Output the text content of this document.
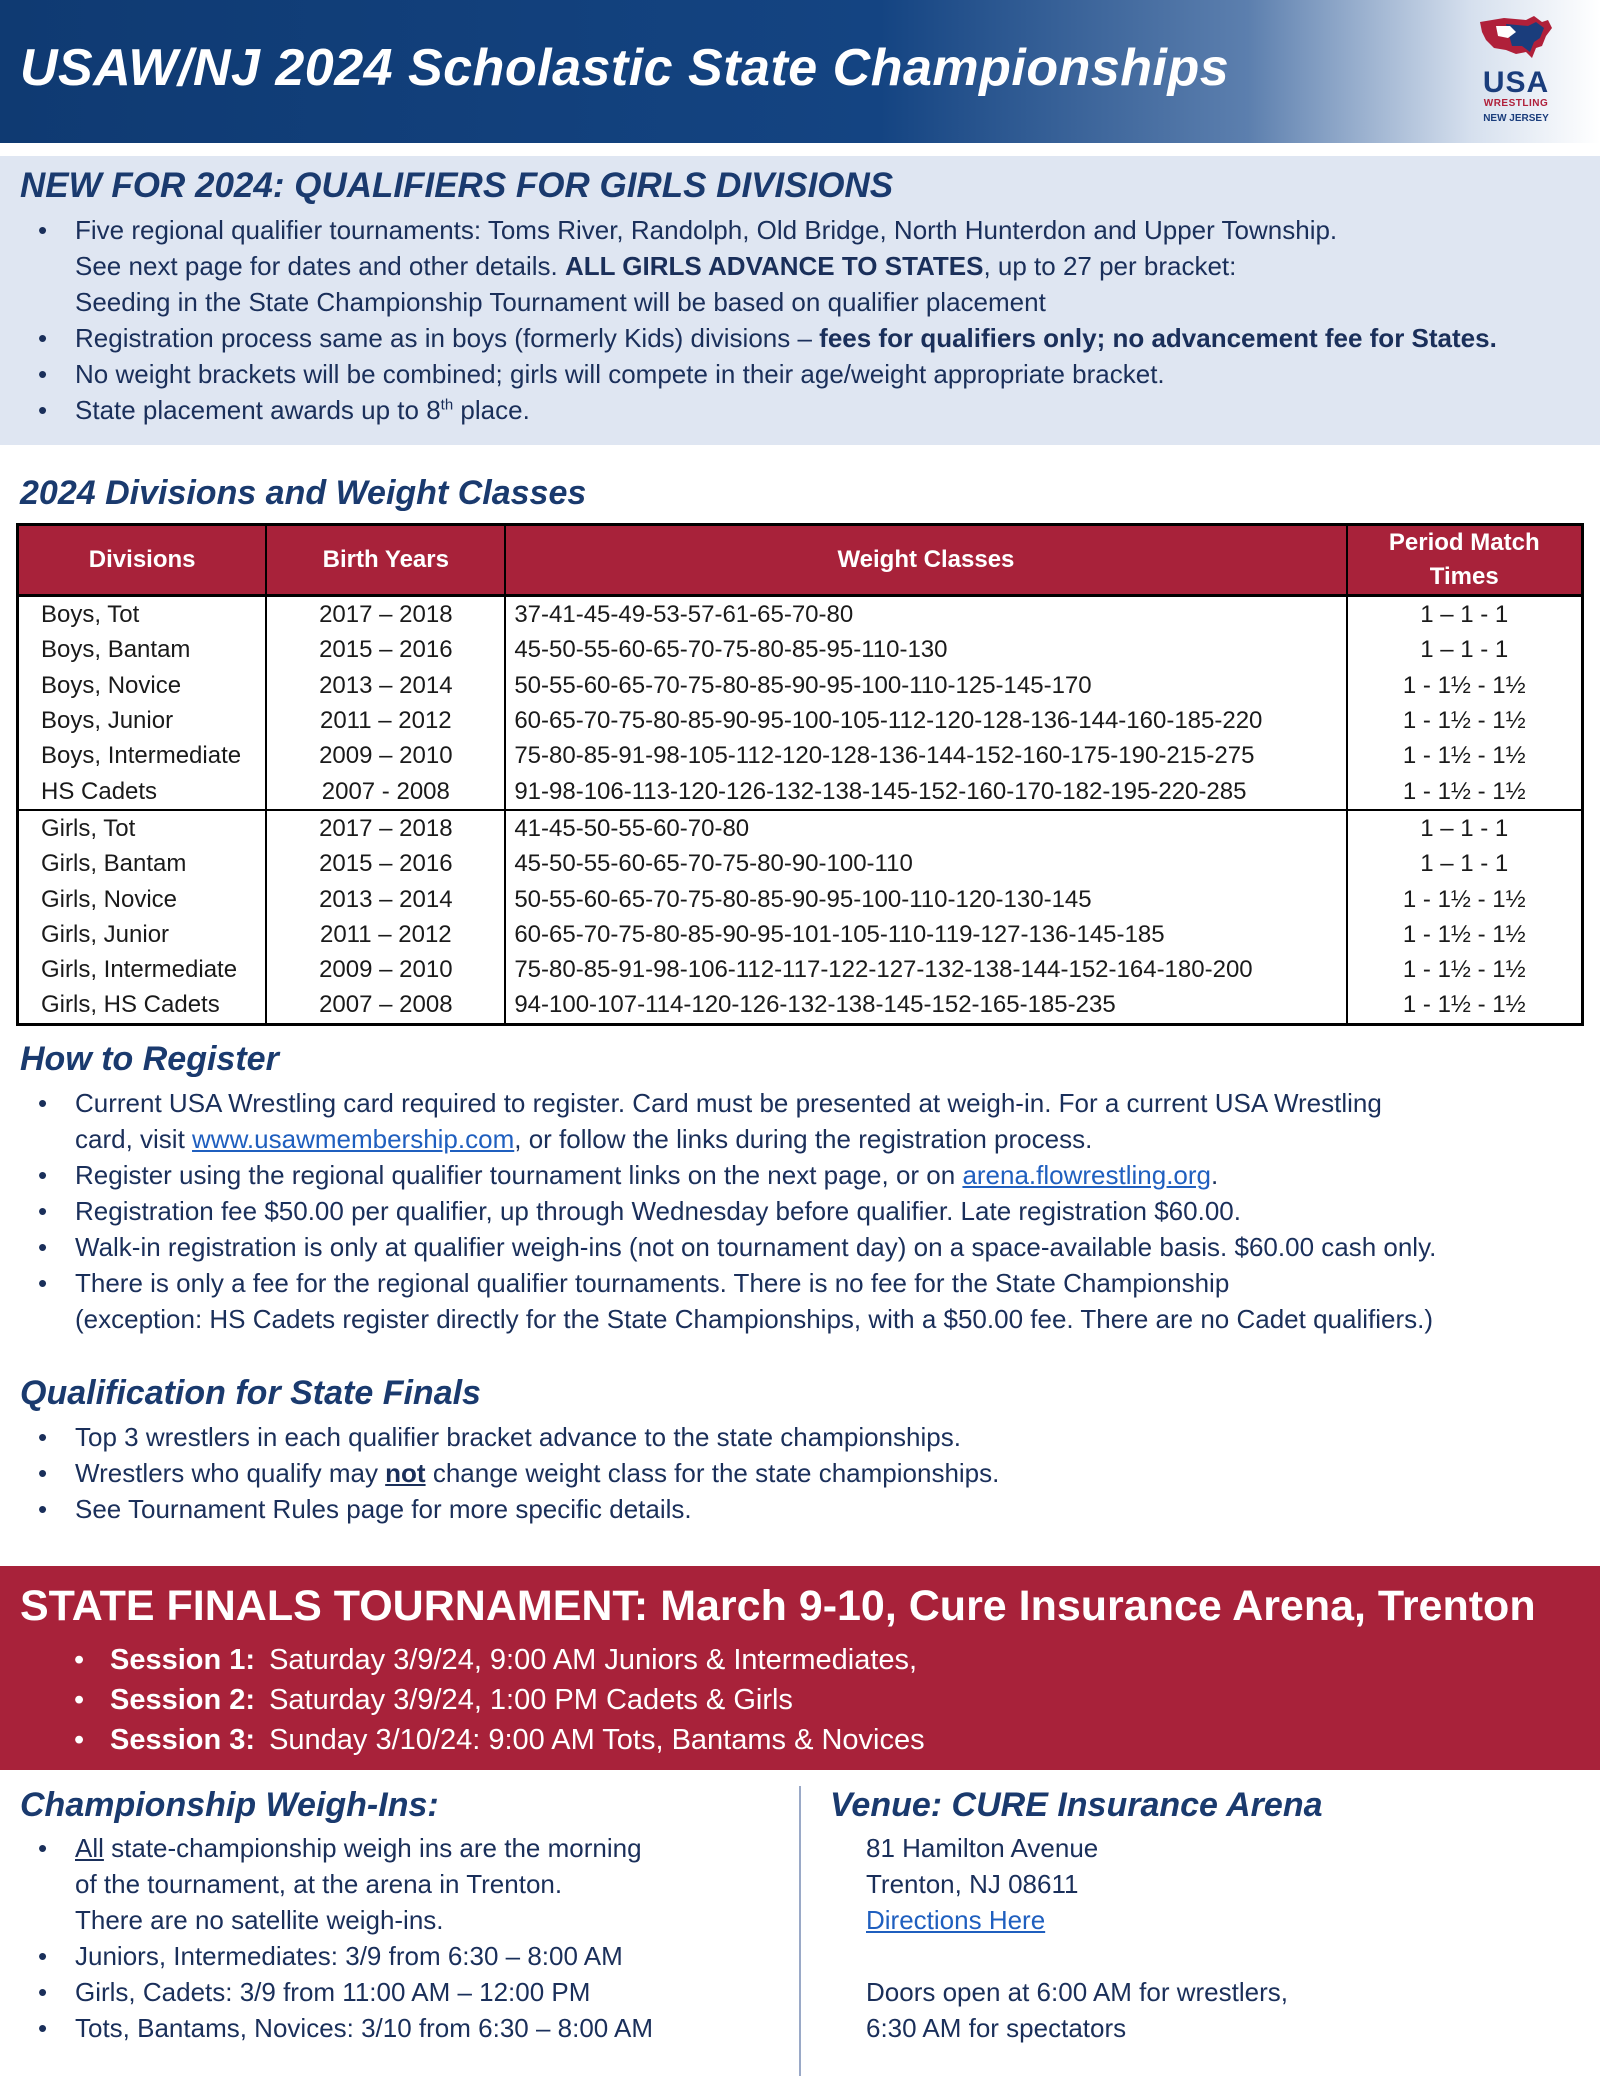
USAW/NJ 2024 Scholastic State Championships	USA
WRESTLING
NEW JERSEY
NEW FOR 2024: QUALIFIERS FOR GIRLS DIVISIONS
• Five regional qualifier tournaments: Toms River, Randolph, Old Bridge, North Hunterdon and Upper Township.
See next page for dates and other details. ALL GIRLS ADVANCE TO STATES, up to 27 per bracket:
Seeding in the State Championship Tournament will be based on qualifier placement
• Registration process same as in boys (formerly Kids) divisions – fees for qualifiers only; no advancement fee for States.
• No weight brackets will be combined; girls will compete in their age/weight appropriate bracket.
• State placement awards up to 8th place.
2024 Divisions and Weight Classes
Divisions	Birth Years	Weight Classes	Period Match Times
Boys, Tot	2017 – 2018	37-41-45-49-53-57-61-65-70-80	1 – 1 - 1
Boys, Bantam	2015 – 2016	45-50-55-60-65-70-75-80-85-95-110-130	1 – 1 - 1
Boys, Novice	2013 – 2014	50-55-60-65-70-75-80-85-90-95-100-110-125-145-170	1 - 1½ - 1½
Boys, Junior	2011 – 2012	60-65-70-75-80-85-90-95-100-105-112-120-128-136-144-160-185-220	1 - 1½ - 1½
Boys, Intermediate	2009 – 2010	75-80-85-91-98-105-112-120-128-136-144-152-160-175-190-215-275	1 - 1½ - 1½
HS Cadets	2007 - 2008	91-98-106-113-120-126-132-138-145-152-160-170-182-195-220-285	1 - 1½ - 1½
Girls, Tot	2017 – 2018	41-45-50-55-60-70-80	1 – 1 - 1
Girls, Bantam	2015 – 2016	45-50-55-60-65-70-75-80-90-100-110	1 – 1 - 1
Girls, Novice	2013 – 2014	50-55-60-65-70-75-80-85-90-95-100-110-120-130-145	1 - 1½ - 1½
Girls, Junior	2011 – 2012	60-65-70-75-80-85-90-95-101-105-110-119-127-136-145-185	1 - 1½ - 1½
Girls, Intermediate	2009 – 2010	75-80-85-91-98-106-112-117-122-127-132-138-144-152-164-180-200	1 - 1½ - 1½
Girls, HS Cadets	2007 – 2008	94-100-107-114-120-126-132-138-145-152-165-185-235	1 - 1½ - 1½
How to Register
• Current USA Wrestling card required to register. Card must be presented at weigh-in. For a current USA Wrestling
card, visit www.usawmembership.com, or follow the links during the registration process.
• Register using the regional qualifier tournament links on the next page, or on arena.flowrestling.org.
• Registration fee $50.00 per qualifier, up through Wednesday before qualifier. Late registration $60.00.
• Walk-in registration is only at qualifier weigh-ins (not on tournament day) on a space-available basis. $60.00 cash only.
• There is only a fee for the regional qualifier tournaments. There is no fee for the State Championship
(exception: HS Cadets register directly for the State Championships, with a $50.00 fee. There are no Cadet qualifiers.)
Qualification for State Finals
• Top 3 wrestlers in each qualifier bracket advance to the state championships.
• Wrestlers who qualify may not change weight class for the state championships.
• See Tournament Rules page for more specific details.
STATE FINALS TOURNAMENT: March 9-10, Cure Insurance Arena, Trenton
• Session 1: Saturday 3/9/24, 9:00 AM Juniors & Intermediates,
• Session 2: Saturday 3/9/24, 1:00 PM Cadets & Girls
• Session 3: Sunday 3/10/24: 9:00 AM Tots, Bantams & Novices
Championship Weigh-Ins:
• All state-championship weigh ins are the morning
of the tournament, at the arena in Trenton.
There are no satellite weigh-ins.
• Juniors, Intermediates: 3/9 from 6:30 – 8:00 AM
• Girls, Cadets: 3/9 from 11:00 AM – 12:00 PM
• Tots, Bantams, Novices: 3/10 from 6:30 – 8:00 AM
Venue: CURE Insurance Arena
81 Hamilton Avenue
Trenton, NJ 08611
Directions Here
Doors open at 6:00 AM for wrestlers,
6:30 AM for spectators
